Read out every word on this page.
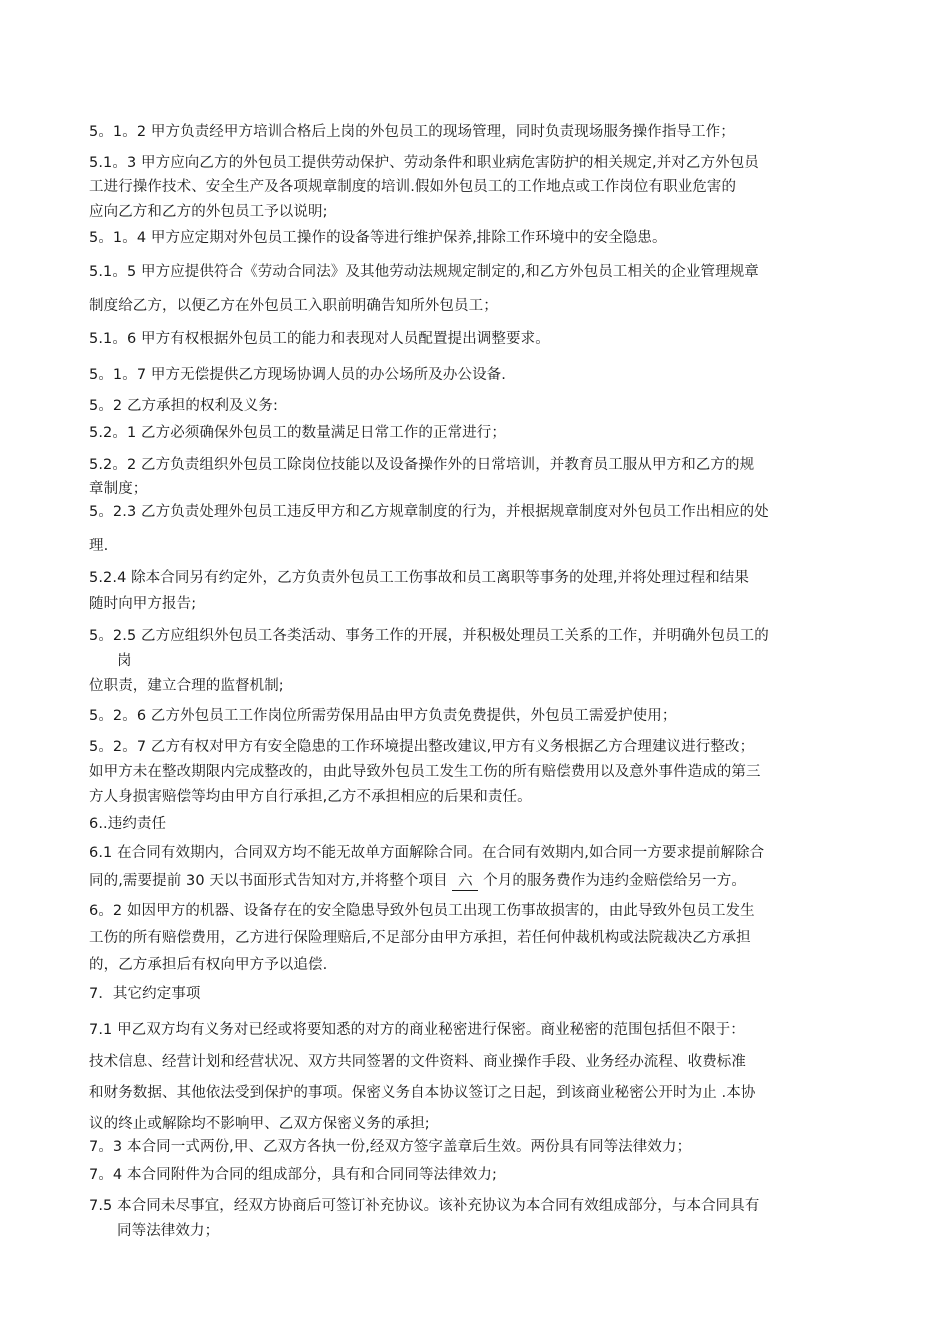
5。1。2 甲方负责经甲方培训合格后上岗的外包员工的现场管理，同时负责现场服务操作指导工作；
5.1。3 甲方应向乙方的外包员工提供劳动保护、劳动条件和职业病危害防护的相关规定,并对乙方外包员
工进行操作技术、安全生产及各项规章制度的培训.假如外包员工的工作地点或工作岗位有职业危害的
应向乙方和乙方的外包员工予以说明;
5。1。4 甲方应定期对外包员工操作的设备等进行维护保养,排除工作环境中的安全隐患。
5.1。5 甲方应提供符合《劳动合同法》及其他劳动法规规定制定的,和乙方外包员工相关的企业管理规章
制度给乙方，以便乙方在外包员工入职前明确告知所外包员工；
5.1。6 甲方有权根据外包员工的能力和表现对人员配置提出调整要求。
5。1。7 甲方无偿提供乙方现场协调人员的办公场所及办公设备.
5。2 乙方承担的权利及义务:
5.2。1 乙方必须确保外包员工的数量满足日常工作的正常进行；
5.2。2 乙方负责组织外包员工除岗位技能以及设备操作外的日常培训，并教育员工服从甲方和乙方的规
章制度；
5。2.3 乙方负责处理外包员工违反甲方和乙方规章制度的行为，并根据规章制度对外包员工作出相应的处
理.
5.2.4 除本合同另有约定外，乙方负责外包员工工伤事故和员工离职等事务的处理,并将处理过程和结果
随时向甲方报告;
5。2.5 乙方应组织外包员工各类活动、事务工作的开展，并积极处理员工关系的工作，并明确外包员工的
岗
位职责，建立合理的监督机制;
5。2。6 乙方外包员工工作岗位所需劳保用品由甲方负责免费提供，外包员工需爱护使用；
5。2。7 乙方有权对甲方有安全隐患的工作环境提出整改建议,甲方有义务根据乙方合理建议进行整改；
如甲方未在整改期限内完成整改的，由此导致外包员工发生工伤的所有赔偿费用以及意外事件造成的第三
方人身损害赔偿等均由甲方自行承担,乙方不承担相应的后果和责任。
6..违约责任
6.1 在合同有效期内，合同双方均不能无故单方面解除合同。在合同有效期内,如合同一方要求提前解除合
同的,需要提前 30 天以书面形式告知对方,并将整个项目 六 个月的服务费作为违约金赔偿给另一方。
6。2 如因甲方的机器、设备存在的安全隐患导致外包员工出现工伤事故损害的，由此导致外包员工发生
工伤的所有赔偿费用，乙方进行保险理赔后,不足部分由甲方承担，若任何仲裁机构或法院裁决乙方承担
的，乙方承担后有权向甲方予以追偿.
7．其它约定事项
7.1 甲乙双方均有义务对已经或将要知悉的对方的商业秘密进行保密。商业秘密的范围包括但不限于：
技术信息、经营计划和经营状况、双方共同签署的文件资料、商业操作手段、业务经办流程、收费标准
和财务数据、其他依法受到保护的事项。保密义务自本协议签订之日起，到该商业秘密公开时为止 .本协
议的终止或解除均不影响甲、乙双方保密义务的承担;
7。3 本合同一式两份,甲、乙双方各执一份,经双方签字盖章后生效。两份具有同等法律效力；
7。4 本合同附件为合同的组成部分，具有和合同同等法律效力;
7.5 本合同未尽事宜，经双方协商后可签订补充协议。该补充协议为本合同有效组成部分，与本合同具有
同等法律效力；
